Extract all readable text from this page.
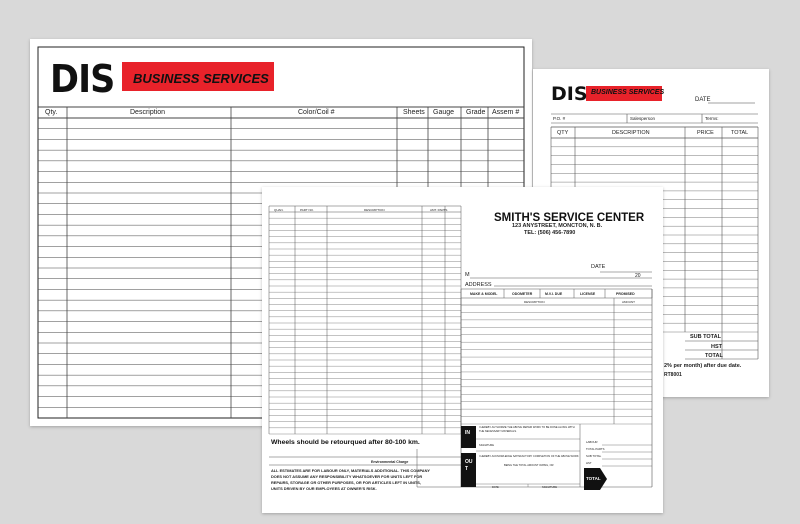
DIS BUSINESS SERVICES
Qty.	Description	Color/Coil #	Sheets Gauge Grade Assem #
DIS BUSINESS SERVICES
DATE
P.O. #	Salesperson	Terms:
QTY	DESCRIPTION	PRICE	TOTAL
SUB TOTAL
HST
TOTAL
2% per month) after due date.
RT8001
SMITH'S SERVICE CENTER
123 ANYSTREET, MONCTON, N. B.
TEL: (506) 456-7890
QUAN.	PART NO.	DESCRIPTION	AMT. PARTS
DATE
M	20
ADDRESS
MAKE & MODEL	ODOMETER	M.V.I. DUE	LICENSE	PROMISED
DESCRIPTION	AMOUNT
Wheels should be retourqued after 80-100 km.
Environmental Charge
ALL ESTIMATES ARE FOR LABOUR ONLY, MATERIALS ADDITIONAL. THIS COMPANY
DOES NOT ASSUME ANY RESPONSIBILITY WHATSOEVER FOR UNITS LEFT FOR
REPAIRS, STORAGE OR OTHER PURPOSES, OR FOR ARTICLES LEFT IN UNITS,
UNITS DRIVEN BY OUR EMPLOYEES AT OWNER'S RISK.
IN
OUT
TOTAL
I HEREBY AUTHORIZE THE ABOVE REPAIR WORK TO BE DONE ALONG WITH
THE NECESSARY MATERIALS.
SIGNATURE
I HEREBY ACKNOWLEDGE SATISFACTORY COMPLETION OF THE ABOVE WORK
BEING THE TOTAL AMOUNT OWING, OR
LABOUR
TOTAL PARTS
SUB TOTAL
HST
DATE	SIGNATURE
